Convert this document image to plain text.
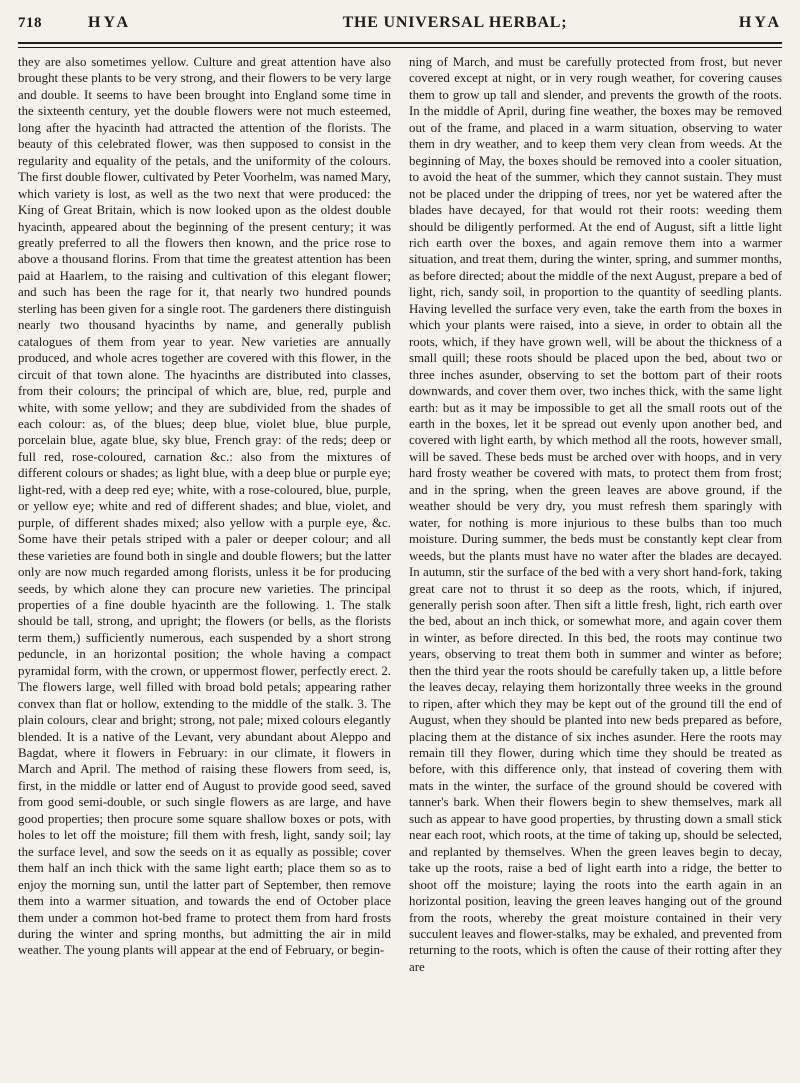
718	HYA	THE UNIVERSAL HERBAL;	HYA

they are also sometimes yellow. Culture and great attention have also brought these plants to be very strong, and their flowers to be very large and double. It seems to have been brought into England some time in the sixteenth century, yet the double flowers were not much esteemed, long after the hyacinth had attracted the attention of the florists. The beauty of this celebrated flower, was then supposed to consist in the regularity and equality of the petals, and the uniformity of the colours. The first double flower, cultivated by Peter Voorhelm, was named Mary, which variety is lost, as well as the two next that were produced: the King of Great Britain, which is now looked upon as the oldest double hyacinth, appeared about the beginning of the present century; it was greatly preferred to all the flowers then known, and the price rose to above a thousand florins. From that time the greatest attention has been paid at Haarlem, to the raising and cultivation of this elegant flower; and such has been the rage for it, that nearly two hundred pounds sterling has been given for a single root. The gardeners there distinguish nearly two thousand hyacinths by name, and generally publish catalogues of them from year to year. New varieties are annually produced, and whole acres together are covered with this flower, in the circuit of that town alone. The hyacinths are distributed into classes, from their colours; the principal of which are, blue, red, purple and white, with some yellow; and they are subdivided from the shades of each colour: as, of the blues; deep blue, violet blue, blue purple, porcelain blue, agate blue, sky blue, French gray: of the reds; deep or full red, rose-coloured, carnation &c.: also from the mixtures of different colours or shades; as light blue, with a deep blue or purple eye; light-red, with a deep red eye; white, with a rose-coloured, blue, purple, or yellow eye; white and red of different shades; and blue, violet, and purple, of different shades mixed; also yellow with a purple eye, &c. Some have their petals striped with a paler or deeper colour; and all these varieties are found both in single and double flowers; but the latter only are now much regarded among florists, unless it be for producing seeds, by which alone they can procure new varieties. The principal properties of a fine double hyacinth are the following. 1. The stalk should be tall, strong, and upright; the flowers (or bells, as the florists term them,) sufficiently numerous, each suspended by a short strong peduncle, in an horizontal position; the whole having a compact pyramidal form, with the crown, or uppermost flower, perfectly erect. 2. The flowers large, well filled with broad bold petals; appearing rather convex than flat or hollow, extending to the middle of the stalk. 3. The plain colours, clear and bright; strong, not pale; mixed colours elegantly blended. It is a native of the Levant, very abundant about Aleppo and Bagdat, where it flowers in February: in our climate, it flowers in March and April. The method of raising these flowers from seed, is, first, in the middle or latter end of August to provide good seed, saved from good semi-double, or such single flowers as are large, and have good properties; then procure some square shallow boxes or pots, with holes to let off the moisture; fill them with fresh, light, sandy soil; lay the surface level, and sow the seeds on it as equally as possible; cover them half an inch thick with the same light earth; place them so as to enjoy the morning sun, until the latter part of September, then remove them into a warmer situation, and towards the end of October place them under a common hot-bed frame to protect them from hard frosts during the winter and spring months, but admitting the air in mild weather. The young plants will appear at the end of February, or begin-

ning of March, and must be carefully protected from frost, but never covered except at night, or in very rough weather, for covering causes them to grow up tall and slender, and prevents the growth of the roots. In the middle of April, during fine weather, the boxes may be removed out of the frame, and placed in a warm situation, observing to water them in dry weather, and to keep them very clean from weeds. At the beginning of May, the boxes should be removed into a cooler situation, to avoid the heat of the summer, which they cannot sustain. They must not be placed under the dripping of trees, nor yet be watered after the blades have decayed, for that would rot their roots: weeding them should be diligently performed. At the end of August, sift a little light rich earth over the boxes, and again remove them into a warmer situation, and treat them, during the winter, spring, and summer months, as before directed; about the middle of the next August, prepare a bed of light, rich, sandy soil, in proportion to the quantity of seedling plants. Having levelled the surface very even, take the earth from the boxes in which your plants were raised, into a sieve, in order to obtain all the roots, which, if they have grown well, will be about the thickness of a small quill; these roots should be placed upon the bed, about two or three inches asunder, observing to set the bottom part of their roots downwards, and cover them over, two inches thick, with the same light earth: but as it may be impossible to get all the small roots out of the earth in the boxes, let it be spread out evenly upon another bed, and covered with light earth, by which method all the roots, however small, will be saved. These beds must be arched over with hoops, and in very hard frosty weather be covered with mats, to protect them from frost; and in the spring, when the green leaves are above ground, if the weather should be very dry, you must refresh them sparingly with water, for nothing is more injurious to these bulbs than too much moisture. During summer, the beds must be constantly kept clear from weeds, but the plants must have no water after the blades are decayed. In autumn, stir the surface of the bed with a very short hand-fork, taking great care not to thrust it so deep as the roots, which, if injured, generally perish soon after. Then sift a little fresh, light, rich earth over the bed, about an inch thick, or somewhat more, and again cover them in winter, as before directed. In this bed, the roots may continue two years, observing to treat them both in summer and winter as before; then the third year the roots should be carefully taken up, a little before the leaves decay, relaying them horizontally three weeks in the ground to ripen, after which they may be kept out of the ground till the end of August, when they should be planted into new beds prepared as before, placing them at the distance of six inches asunder. Here the roots may remain till they flower, during which time they should be treated as before, with this difference only, that instead of covering them with mats in the winter, the surface of the ground should be covered with tanner's bark. When their flowers begin to shew themselves, mark all such as appear to have good properties, by thrusting down a small stick near each root, which roots, at the time of taking up, should be selected, and replanted by themselves. When the green leaves begin to decay, take up the roots, raise a bed of light earth into a ridge, the better to shoot off the moisture; laying the roots into the earth again in an horizontal position, leaving the green leaves hanging out of the ground from the roots, whereby the great moisture contained in their very succulent leaves and flower-stalks, may be exhaled, and prevented from returning to the roots, which is often the cause of their rotting after they are
